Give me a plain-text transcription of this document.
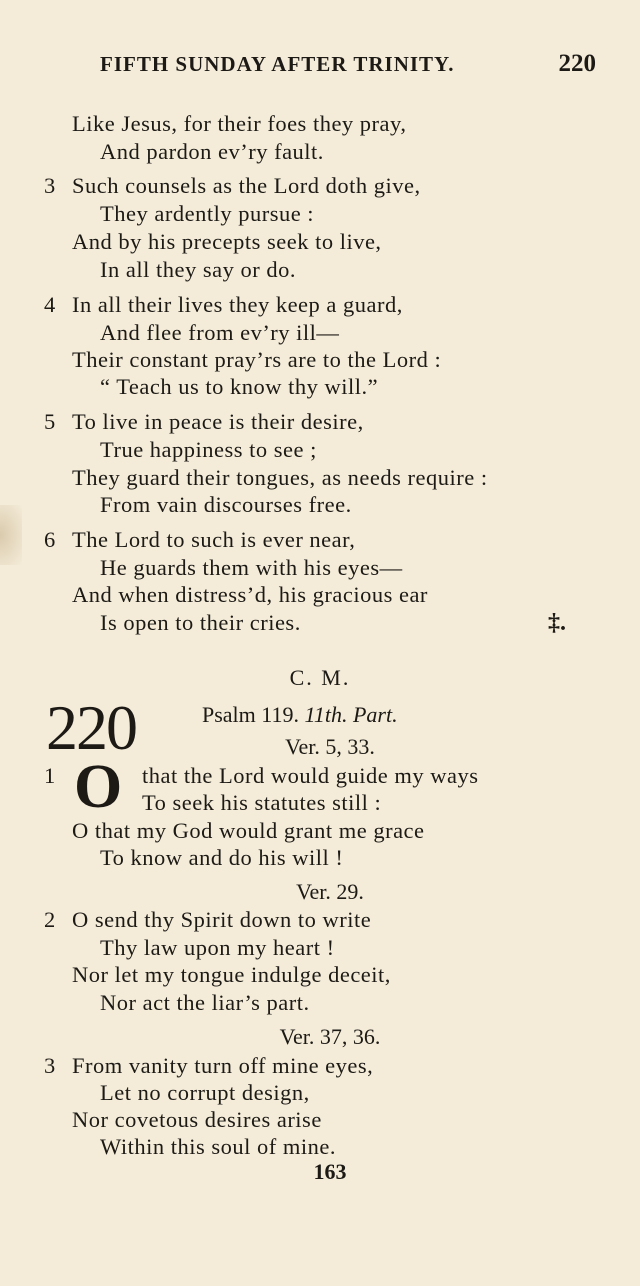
FIFTH SUNDAY AFTER TRINITY.	220
Like Jesus, for their foes they pray,
And pardon ev’ry fault.
3 Such counsels as the Lord doth give,
They ardently pursue :
And by his precepts seek to live,
In all they say or do.
4 In all their lives they keep a guard,
And flee from ev’ry ill—
Their constant pray’rs are to the Lord :
“ Teach us to know thy will.”
5 To live in peace is their desire,
True happiness to see ;
They guard their tongues, as needs require :
From vain discourses free.
6 The Lord to such is ever near,
He guards them with his eyes—
And when distress’d, his gracious ear
Is open to their cries.	‡.
C. M.
220	Psalm 119. 11th. Part.
Ver. 5, 33.
1 O that the Lord would guide my ways
To seek his statutes still :
O that my God would grant me grace
To know and do his will !
Ver. 29.
2 O send thy Spirit down to write
Thy law upon my heart !
Nor let my tongue indulge deceit,
Nor act the liar’s part.
Ver. 37, 36.
3 From vanity turn off mine eyes,
Let no corrupt design,
Nor covetous desires arise
Within this soul of mine.
163
